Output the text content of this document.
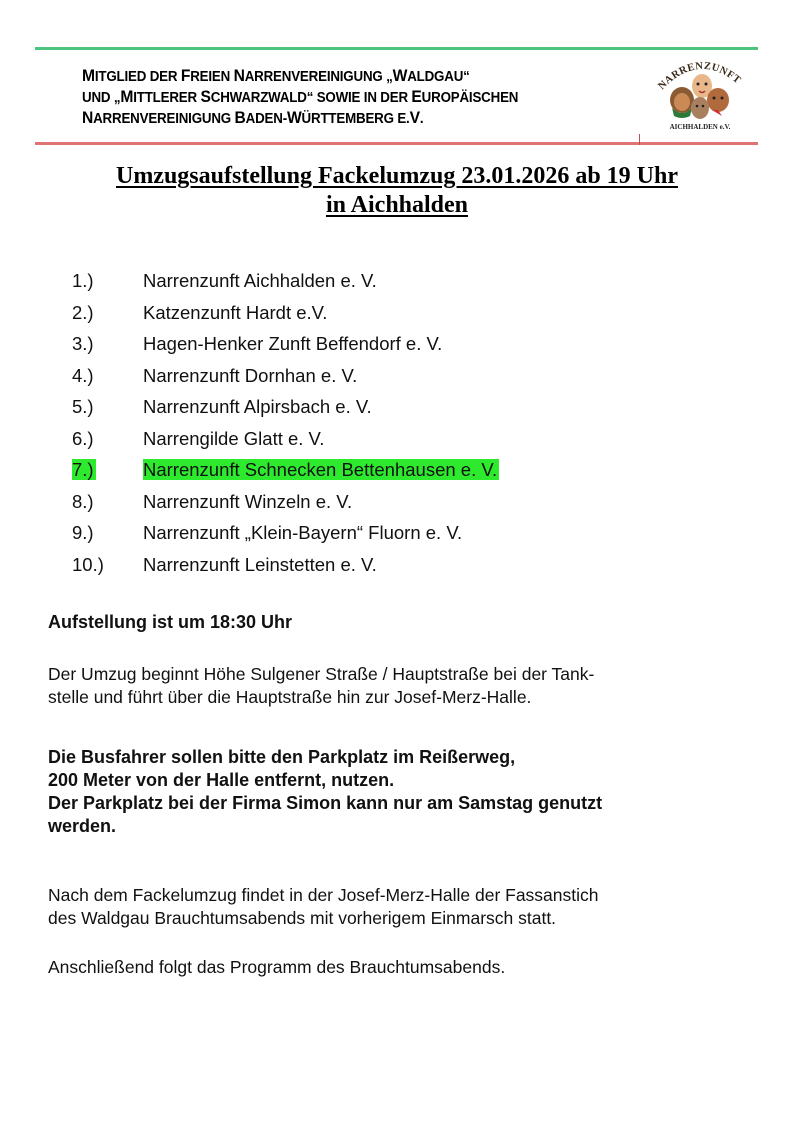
MITGLIED DER FREIEN NARRENVEREINIGUNG „WALDGAU“
UND „MITTLERER SCHWARZWALD“ SOWIE IN DER EUROPÄISCHEN
NARRENVEREINIGUNG BADEN-WÜRTTEMBERG E.V.
NARRENZUNFT
AICHHALDEN e.V.
Umzugsaufstellung Fackelumzug 23.01.2026 ab 19 Uhr
in Aichhalden
1.)	Narrenzunft Aichhalden e. V.
2.)	Katzenzunft Hardt e.V.
3.)	Hagen-Henker Zunft Beffendorf e. V.
4.)	Narrenzunft Dornhan e. V.
5.)	Narrenzunft Alpirsbach e. V.
6.)	Narrengilde Glatt e. V.
7.)	Narrenzunft Schnecken Bettenhausen e. V.
8.)	Narrenzunft Winzeln e. V.
9.)	Narrenzunft „Klein-Bayern“ Fluorn e. V.
10.)	Narrenzunft Leinstetten e. V.
Aufstellung ist um 18:30 Uhr
Der Umzug beginnt Höhe Sulgener Straße / Hauptstraße bei der Tank-
stelle und führt über die Hauptstraße hin zur Josef-Merz-Halle.
Die Busfahrer sollen bitte den Parkplatz im Reißerweg,
200 Meter von der Halle entfernt, nutzen.
Der Parkplatz bei der Firma Simon kann nur am Samstag genutzt
werden.
Nach dem Fackelumzug findet in der Josef-Merz-Halle der Fassanstich
des Waldgau Brauchtumsabends mit vorherigem Einmarsch statt.
Anschließend folgt das Programm des Brauchtumsabends.
